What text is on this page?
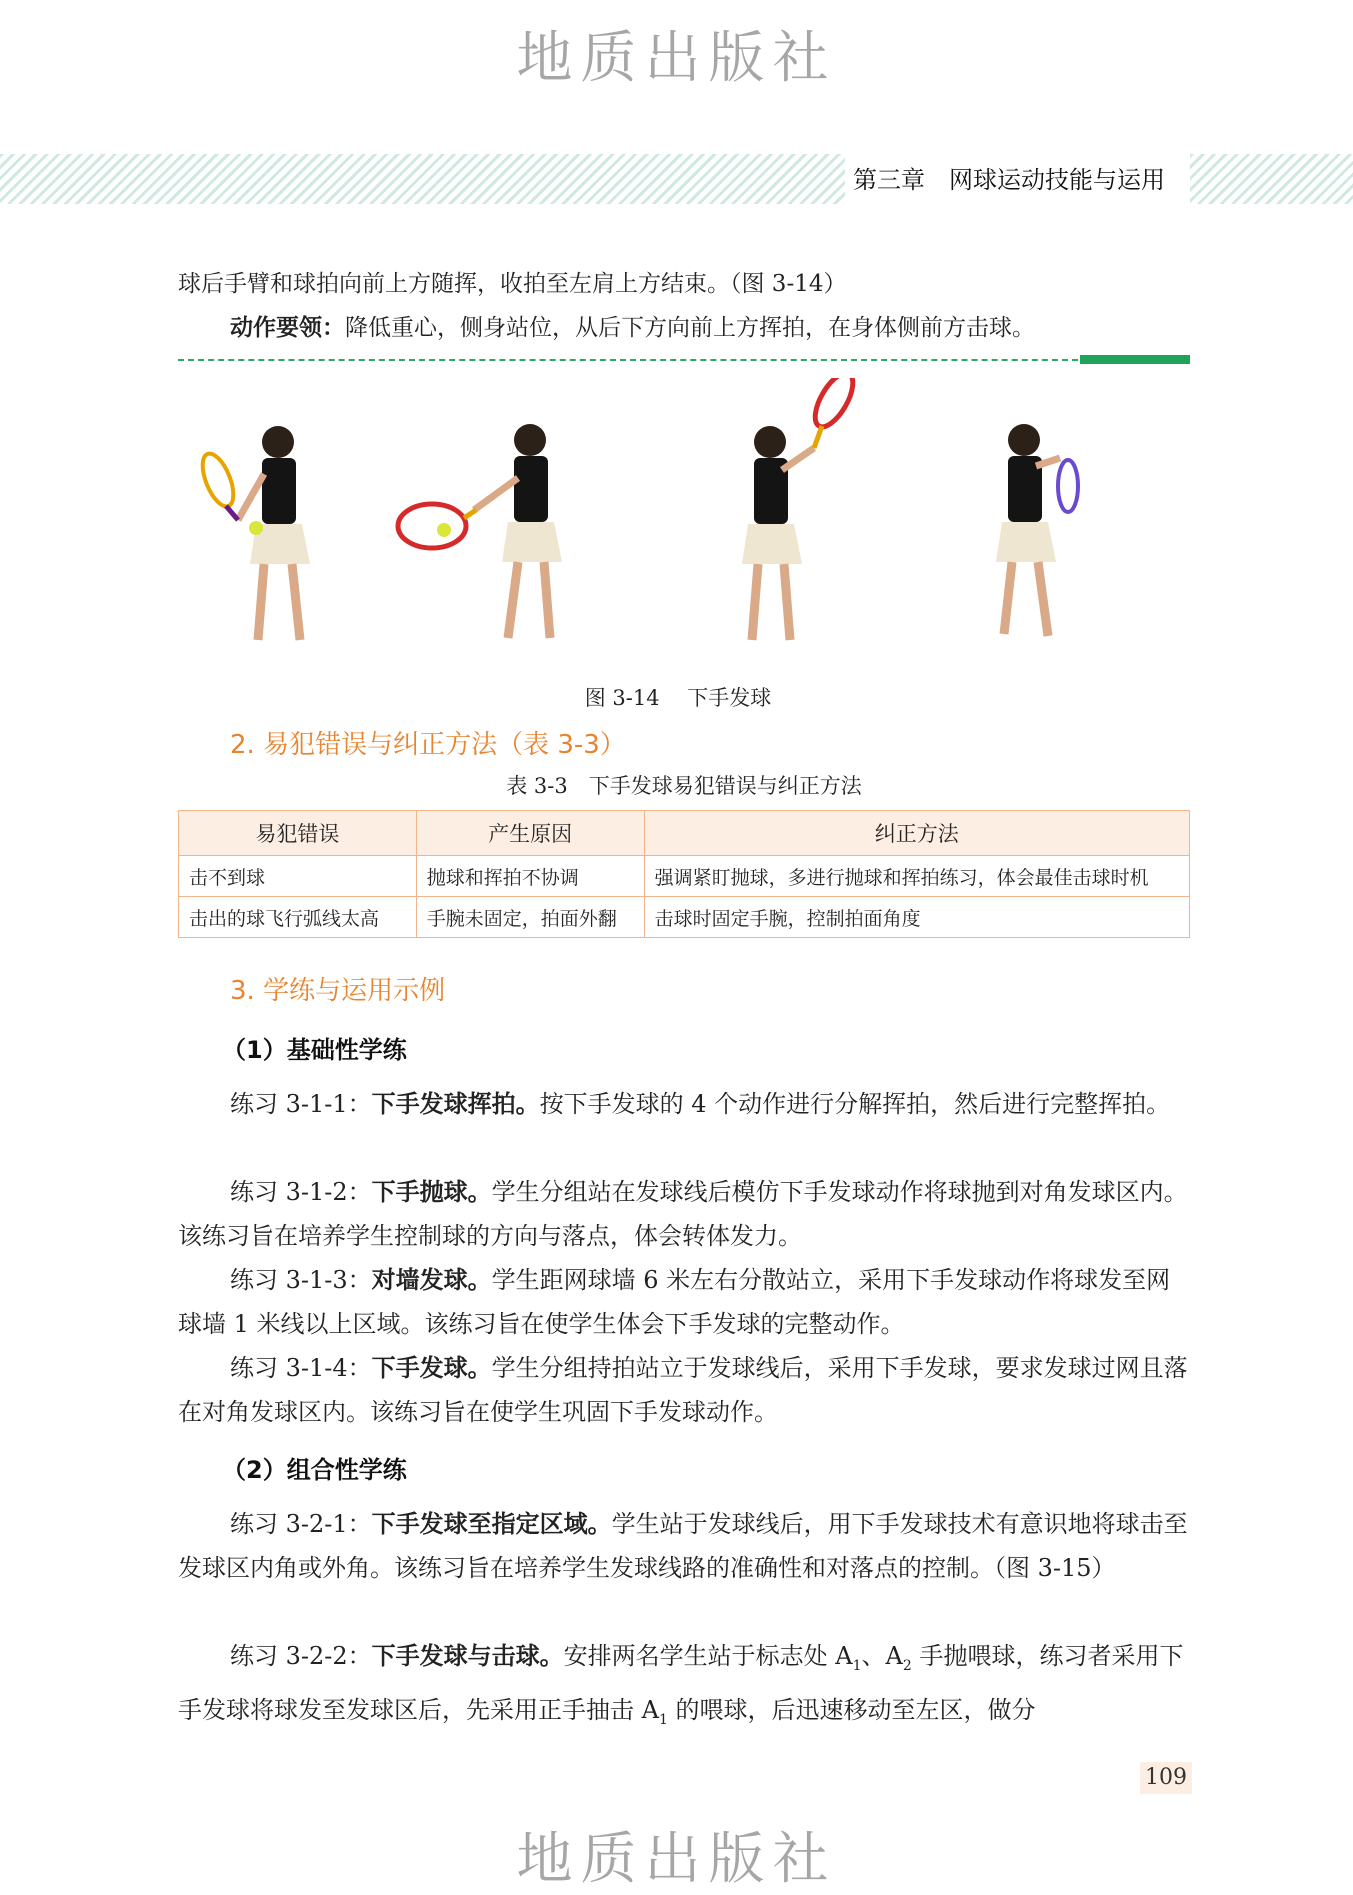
地质出版社
第三章　网球运动技能与运用
球后手臂和球拍向前上方随挥，收拍至左肩上方结束。（图 3-14）
动作要领：降低重心，侧身站位，从后下方向前上方挥拍，在身体侧前方击球。
图 3-14　 下手发球
2. 易犯错误与纠正方法（表 3-3）
表 3-3　下手发球易犯错误与纠正方法
易犯错误	产生原因	纠正方法
击不到球	抛球和挥拍不协调	强调紧盯抛球，多进行抛球和挥拍练习，体会最佳击球时机
击出的球飞行弧线太高	手腕未固定，拍面外翻	击球时固定手腕，控制拍面角度
3. 学练与运用示例
（1）基础性学练
练习 3-1-1：下手发球挥拍。按下手发球的 4 个动作进行分解挥拍，然后进行完整挥拍。
练习 3-1-2：下手抛球。学生分组站在发球线后模仿下手发球动作将球抛到对角发球区内。该练习旨在培养学生控制球的方向与落点，体会转体发力。
练习 3-1-3：对墙发球。学生距网球墙 6 米左右分散站立，采用下手发球动作将球发至网球墙 1 米线以上区域。该练习旨在使学生体会下手发球的完整动作。
练习 3-1-4：下手发球。学生分组持拍站立于发球线后，采用下手发球，要求发球过网且落在对角发球区内。该练习旨在使学生巩固下手发球动作。
（2）组合性学练
练习 3-2-1：下手发球至指定区域。学生站于发球线后，用下手发球技术有意识地将球击至发球区内角或外角。该练习旨在培养学生发球线路的准确性和对落点的控制。（图 3-15）
练习 3-2-2：下手发球与击球。安排两名学生站于标志处 $A_1$、$A_2$ 手抛喂球，练习者采用下手发球将球发至发球区后，先采用正手抽击 $A_1$ 的喂球，后迅速移动至左区，做分
109
地质出版社
